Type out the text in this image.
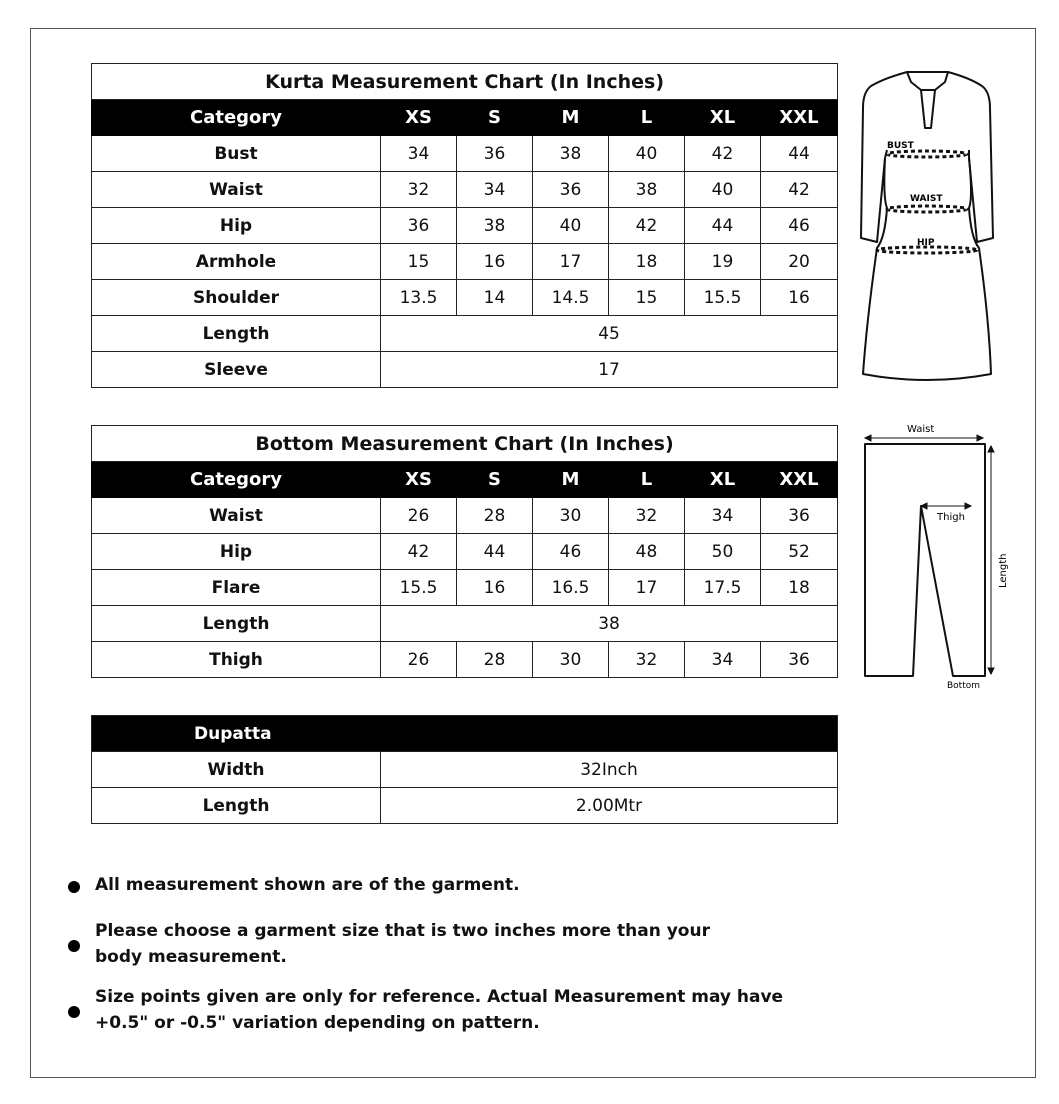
Kurta Measurement Chart (In Inches)						
Category	XS	S	M	L	XL	XXL
Bust	34	36	38	40	42	44
Waist	32	34	36	38	40	42
Hip	36	38	40	42	44	46
Armhole	15	16	17	18	19	20
Shoulder	13.5	14	14.5	15	15.5	16
Length	45					
Sleeve	17					
Bottom Measurement Chart (In Inches)						
Category	XS	S	M	L	XL	XXL
Waist	26	28	30	32	34	36
Hip	42	44	46	48	50	52
Flare	15.5	16	16.5	17	17.5	18
Length	38					
Thigh	26	28	30	32	34	36
Dupatta	
Width	32Inch
Length	2.00Mtr
BUST
WAIST
HIP
Waist
Thigh
Length
Bottom
All measurement shown are of the garment.
Please choose a garment size that is two inches more than your body measurement.
Size points given are only for reference. Actual Measurement may have +0.5" or -0.5" variation depending on pattern.
